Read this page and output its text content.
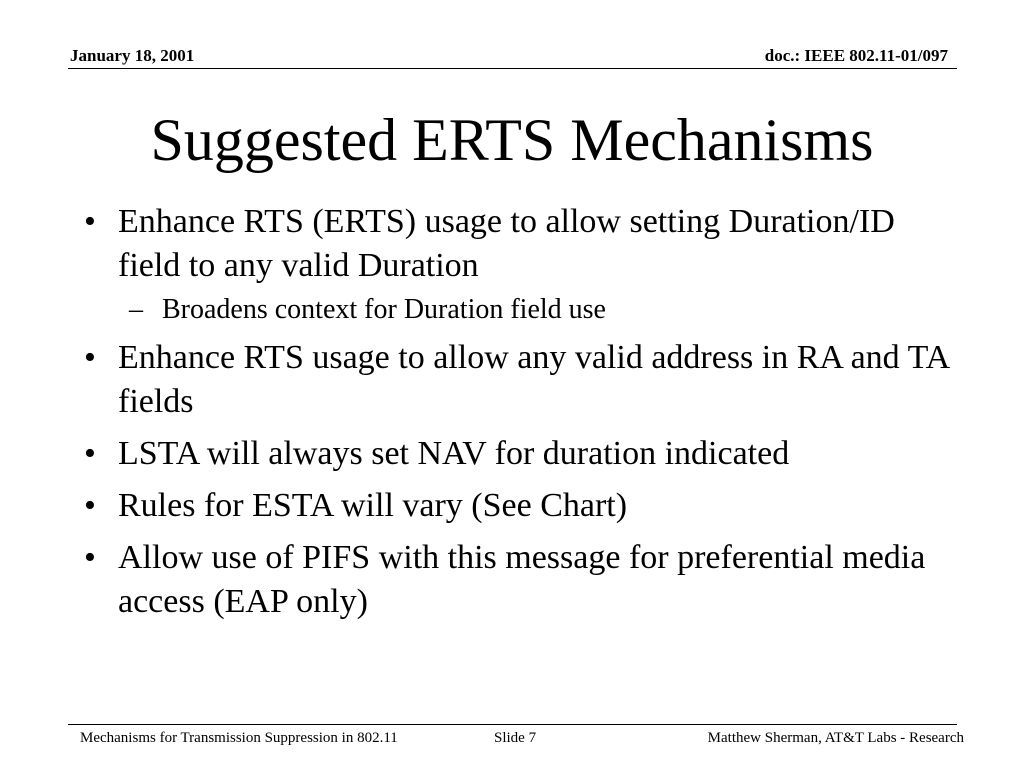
January 18, 2001	doc.: IEEE 802.11-01/097
Suggested ERTS Mechanisms
• Enhance RTS (ERTS) usage to allow setting Duration/ID field to any valid Duration
– Broadens context for Duration field use
• Enhance RTS usage to allow any valid address in RA and TA fields
• LSTA will always set NAV for duration indicated
• Rules for ESTA will vary (See Chart)
• Allow use of PIFS with this message for preferential media access (EAP only)
Mechanisms for Transmission Suppression in 802.11	Slide 7	Matthew Sherman, AT&T Labs - Research
